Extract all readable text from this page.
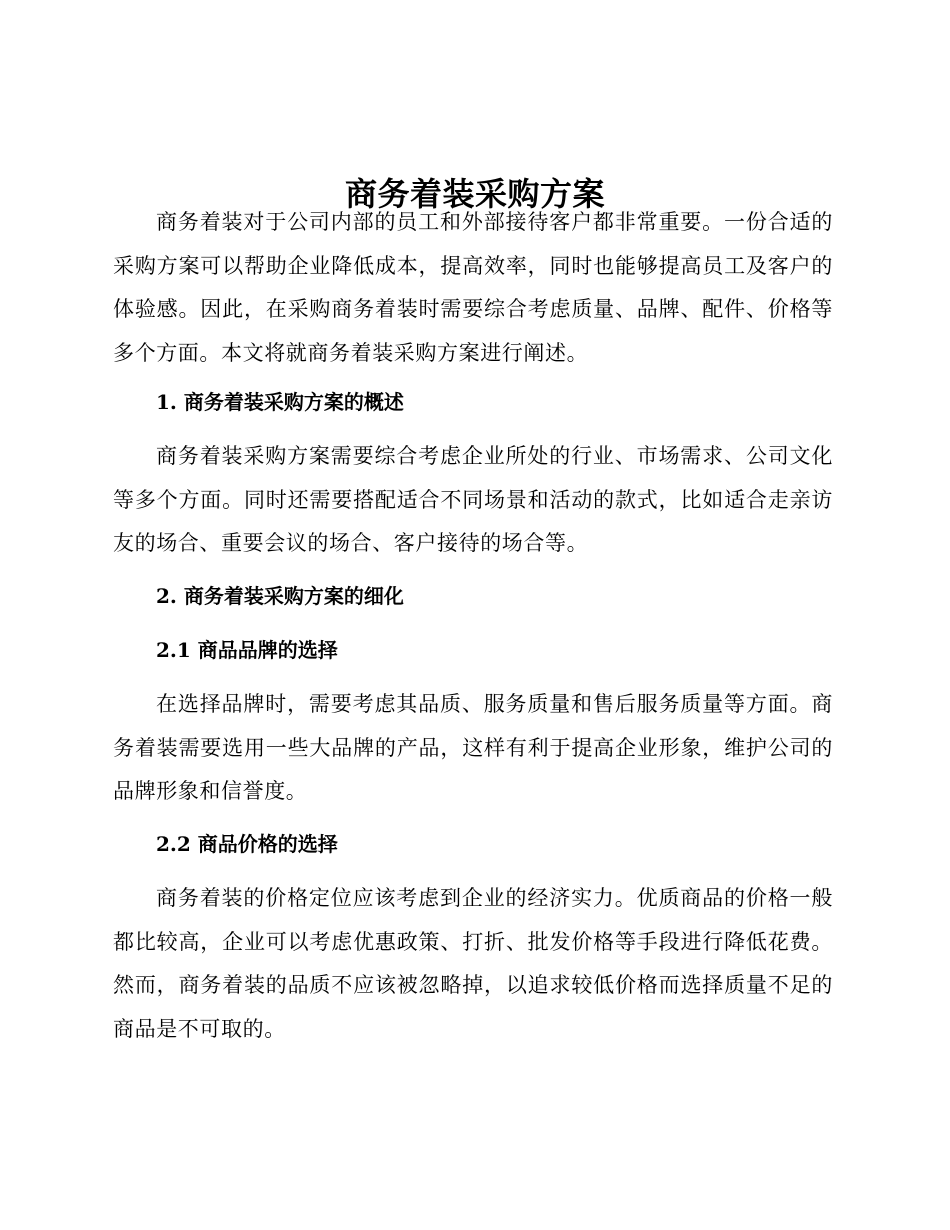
商务着装采购方案

商务着装对于公司内部的员工和外部接待客户都非常重要。一份合适的采购方案可以帮助企业降低成本，提高效率，同时也能够提高员工及客户的体验感。因此，在采购商务着装时需要综合考虑质量、品牌、配件、价格等多个方面。本文将就商务着装采购方案进行阐述。

1. 商务着装采购方案的概述

商务着装采购方案需要综合考虑企业所处的行业、市场需求、公司文化等多个方面。同时还需要搭配适合不同场景和活动的款式，比如适合走亲访友的场合、重要会议的场合、客户接待的场合等。

2. 商务着装采购方案的细化
2.1 商品品牌的选择

在选择品牌时，需要考虑其品质、服务质量和售后服务质量等方面。商务着装需要选用一些大品牌的产品，这样有利于提高企业形象，维护公司的品牌形象和信誉度。

2.2 商品价格的选择

商务着装的价格定位应该考虑到企业的经济实力。优质商品的价格一般都比较高，企业可以考虑优惠政策、打折、批发价格等手段进行降低花费。然而，商务着装的品质不应该被忽略掉，以追求较低价格而选择质量不足的商品是不可取的。
